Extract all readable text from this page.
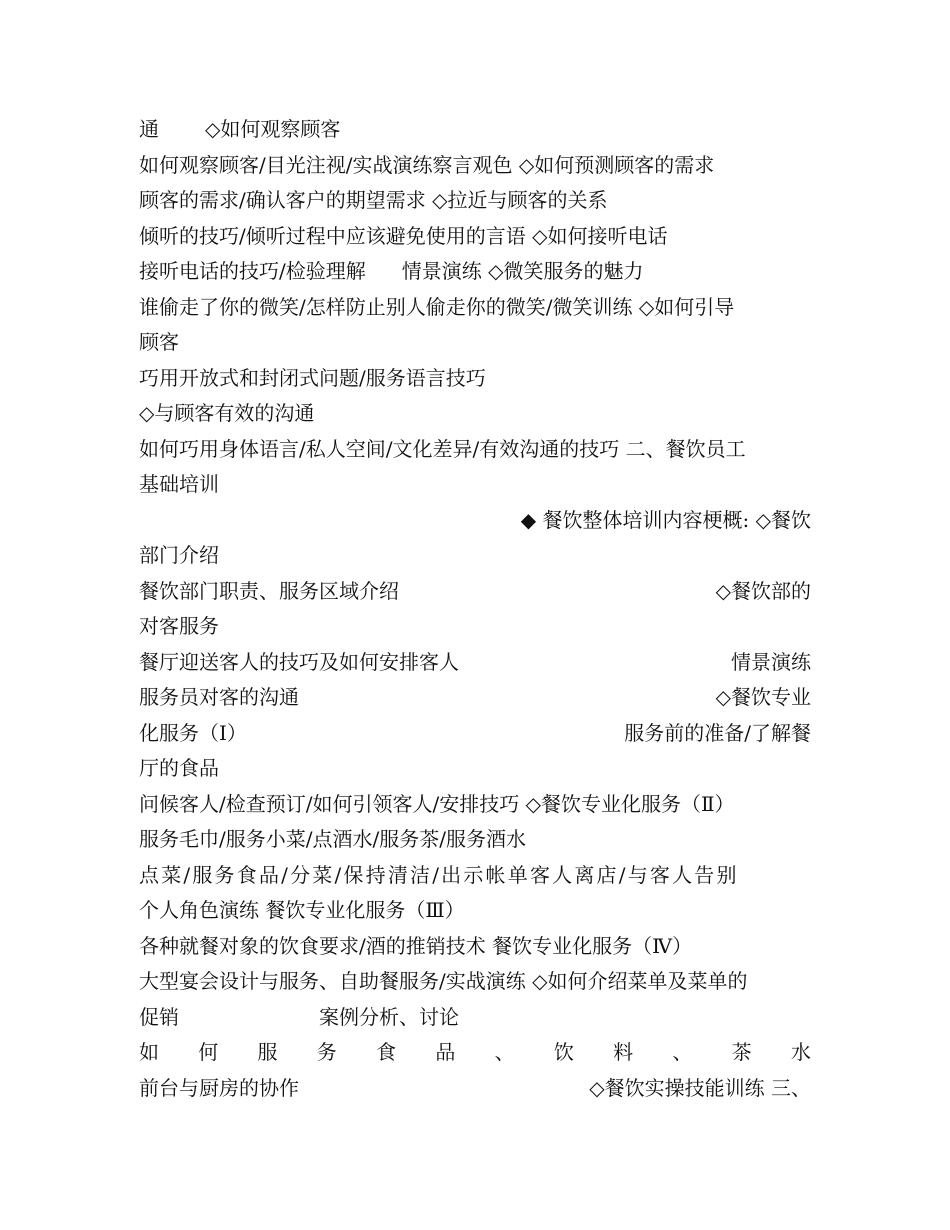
通 ◇如何观察顾客
如何观察顾客/目光注视/实战演练察言观色 ◇如何预测顾客的需求
顾客的需求/确认客户的期望需求 ◇拉近与顾客的关系
倾听的技巧/倾听过程中应该避免使用的言语 ◇如何接听电话
接听电话的技巧/检验理解 情景演练 ◇微笑服务的魅力
谁偷走了你的微笑/怎样防止别人偷走你的微笑/微笑训练 ◇如何引导
顾客
巧用开放式和封闭式问题/服务语言技巧
◇与顾客有效的沟通
如何巧用身体语言/私人空间/文化差异/有效沟通的技巧 二、餐饮员工
基础培训
◆ 餐饮整体培训内容梗概: ◇餐饮
部门介绍
餐饮部门职责、服务区域介绍	◇餐饮部的
对客服务
餐厅迎送客人的技巧及如何安排客人	情景演练
服务员对客的沟通	◇餐饮专业
化服务（Ⅰ）	服务前的准备/了解餐
厅的食品
问候客人/检查预订/如何引领客人/安排技巧 ◇餐饮专业化服务（Ⅱ）
服务毛巾/服务小菜/点酒水/服务茶/服务酒水
点菜/服务食品/分菜/保持清洁/出示帐单客人离店/与客人告别
个人角色演练 餐饮专业化服务（Ⅲ）
各种就餐对象的饮食要求/酒的推销技术 餐饮专业化服务（Ⅳ）
大型宴会设计与服务、自助餐服务/实战演练 ◇如何介绍菜单及菜单的
促销	案例分析、讨论
如 何 服 务 食 品 、 饮 料 、 茶 水
前台与厨房的协作	◇餐饮实操技能训练 三、
